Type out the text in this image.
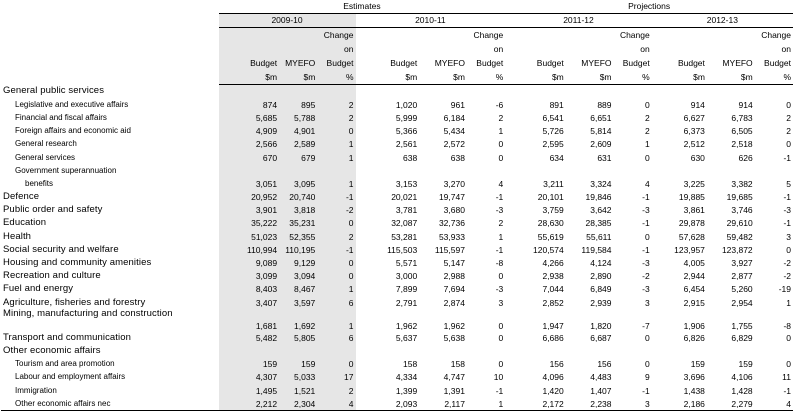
	Estimates						Projections					
	2009-10			2010-11			2011-12			2012-13		
			Change			Change			Change			Change
			on			on			on			on
	Budget	MYEFO	Budget	Budget	MYEFO	Budget	Budget	MYEFO	Budget	Budget	MYEFO	Budget
	$m	$m	%	$m	$m	%	$m	$m	%	$m	$m	%
General public services												
Legislative and executive affairs	874	895	2	1,020	961	-6	891	889	0	914	914	0
Financial and fiscal affairs	5,685	5,788	2	5,999	6,184	2	6,541	6,651	2	6,627	6,783	2
Foreign affairs and economic aid	4,909	4,901	0	5,366	5,434	1	5,726	5,814	2	6,373	6,505	2
General research	2,566	2,589	1	2,561	2,572	0	2,595	2,609	1	2,512	2,518	0
General services	670	679	1	638	638	0	634	631	0	630	626	-1
Government superannuation												
benefits	3,051	3,095	1	3,153	3,270	4	3,211	3,324	4	3,225	3,382	5
Defence	20,952	20,740	-1	20,021	19,747	-1	20,101	19,846	-1	19,885	19,685	-1
Public order and safety	3,901	3,818	-2	3,781	3,680	-3	3,759	3,642	-3	3,861	3,746	-3
Education	35,222	35,231	0	32,087	32,736	2	28,630	28,385	-1	29,878	29,610	-1
Health	51,023	52,355	2	53,281	53,933	1	55,619	55,611	0	57,628	59,482	3
Social security and welfare	110,994	110,195	-1	115,503	115,597	-1	120,574	119,584	-1	123,957	123,872	0
Housing and community amenities	9,089	9,129	0	5,571	5,147	-8	4,266	4,124	-3	4,005	3,927	-2
Recreation and culture	3,099	3,094	0	3,000	2,988	0	2,938	2,890	-2	2,944	2,877	-2
Fuel and energy	8,403	8,467	1	7,899	7,694	-3	7,044	6,849	-3	6,454	5,260	-19
Agriculture, fisheries and forestry	3,407	3,597	6	2,791	2,874	3	2,852	2,939	3	2,915	2,954	1
Mining, manufacturing and construction	1,681	1,692	1	1,962	1,962	0	1,947	1,820	-7	1,906	1,755	-8
Transport and communication	5,482	5,805	6	5,637	5,638	0	6,686	6,687	0	6,826	6,829	0
Other economic affairs												
Tourism and area promotion	159	159	0	158	158	0	156	156	0	159	159	0
Labour and employment affairs	4,307	5,033	17	4,334	4,747	10	4,096	4,483	9	3,696	4,106	11
Immigration	1,495	1,521	2	1,399	1,391	-1	1,420	1,407	-1	1,438	1,428	-1
Other economic affairs nec	2,212	2,304	4	2,093	2,117	1	2,172	2,238	3	2,186	2,279	4
